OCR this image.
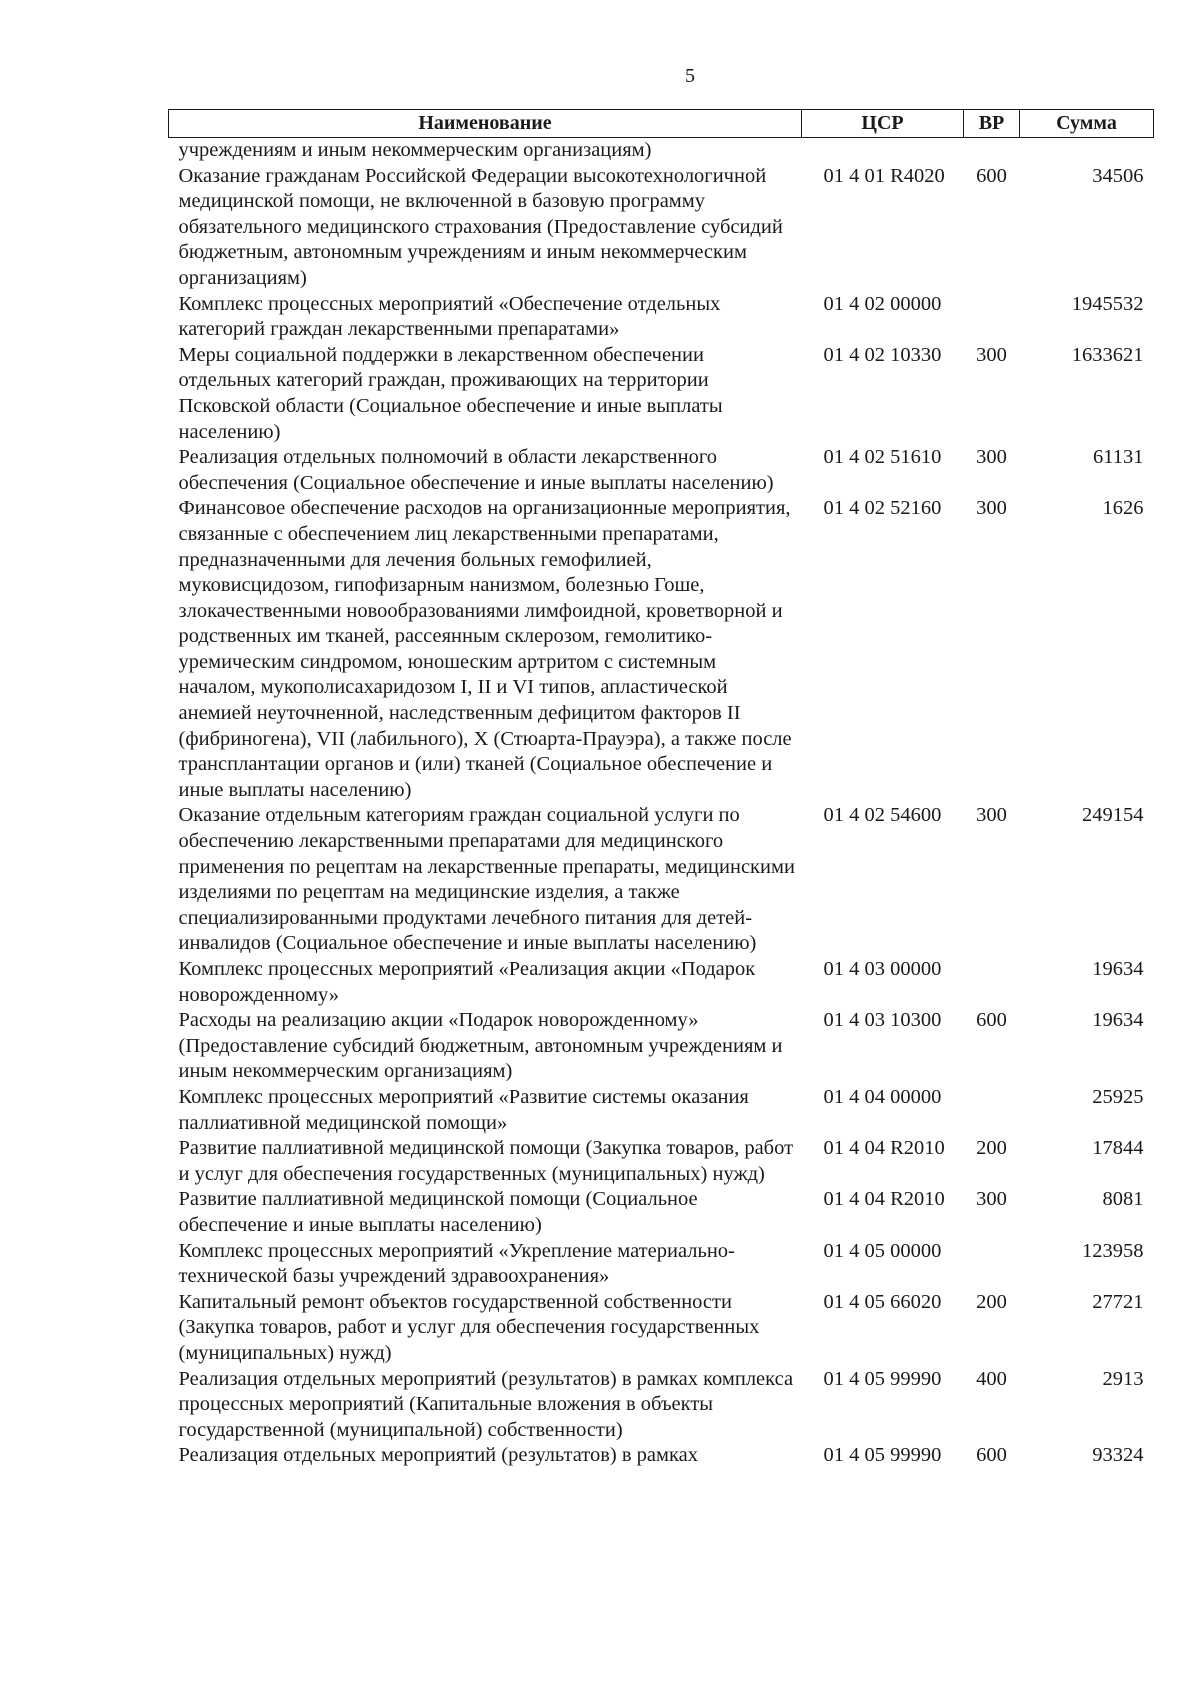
5
Наименование	ЦСР	ВР	Сумма
учреждениям и иным некоммерческим организациям)			
Оказание гражданам Российской Федерации высокотехнологичной медицинской помощи, не включенной в базовую программу обязательного медицинского страхования (Предоставление субсидий бюджетным, автономным учреждениям и иным некоммерческим организациям)	01 4 01 R4020	600	34506
Комплекс процессных мероприятий «Обеспечение отдельных категорий граждан лекарственными препаратами»	01 4 02 00000		1945532
Меры социальной поддержки в лекарственном обеспечении отдельных категорий граждан, проживающих на территории Псковской области (Социальное обеспечение и иные выплаты населению)	01 4 02 10330	300	1633621
Реализация отдельных полномочий в области лекарственного обеспечения (Социальное обеспечение и иные выплаты населению)	01 4 02 51610	300	61131
Финансовое обеспечение расходов на организационные мероприятия, связанные с обеспечением лиц лекарственными препаратами, предназначенными для лечения больных гемофилией, муковисцидозом, гипофизарным нанизмом, болезнью Гоше, злокачественными новообразованиями лимфоидной, кроветворной и родственных им тканей, рассеянным склерозом, гемолитико-уремическим синдромом, юношеским артритом с системным началом, мукополисахаридозом I, II и VI типов, апластической анемией неуточненной, наследственным дефицитом факторов II (фибриногена), VII (лабильного), X (Стюарта-Прауэра), а также после трансплантации органов и (или) тканей (Социальное обеспечение и иные выплаты населению)	01 4 02 52160	300	1626
Оказание отдельным категориям граждан социальной услуги по обеспечению лекарственными препаратами для медицинского применения по рецептам на лекарственные препараты, медицинскими изделиями по рецептам на медицинские изделия, а также специализированными продуктами лечебного питания для детей-инвалидов (Социальное обеспечение и иные выплаты населению)	01 4 02 54600	300	249154
Комплекс процессных мероприятий «Реализация акции «Подарок новорожденному»	01 4 03 00000		19634
Расходы на реализацию акции «Подарок новорожденному» (Предоставление субсидий бюджетным, автономным учреждениям и иным некоммерческим организациям)	01 4 03 10300	600	19634
Комплекс процессных мероприятий «Развитие системы оказания паллиативной медицинской помощи»	01 4 04 00000		25925
Развитие паллиативной медицинской помощи (Закупка товаров, работ и услуг для обеспечения государственных (муниципальных) нужд)	01 4 04 R2010	200	17844
Развитие паллиативной медицинской помощи (Социальное обеспечение и иные выплаты населению)	01 4 04 R2010	300	8081
Комплекс процессных мероприятий «Укрепление материально-технической базы учреждений здравоохранения»	01 4 05 00000		123958
Капитальный ремонт объектов государственной собственности (Закупка товаров, работ и услуг для обеспечения государственных (муниципальных) нужд)	01 4 05 66020	200	27721
Реализация отдельных мероприятий (результатов) в рамках комплекса процессных мероприятий (Капитальные вложения в объекты государственной (муниципальной) собственности)	01 4 05 99990	400	2913
Реализация отдельных мероприятий (результатов) в рамках	01 4 05 99990	600	93324
